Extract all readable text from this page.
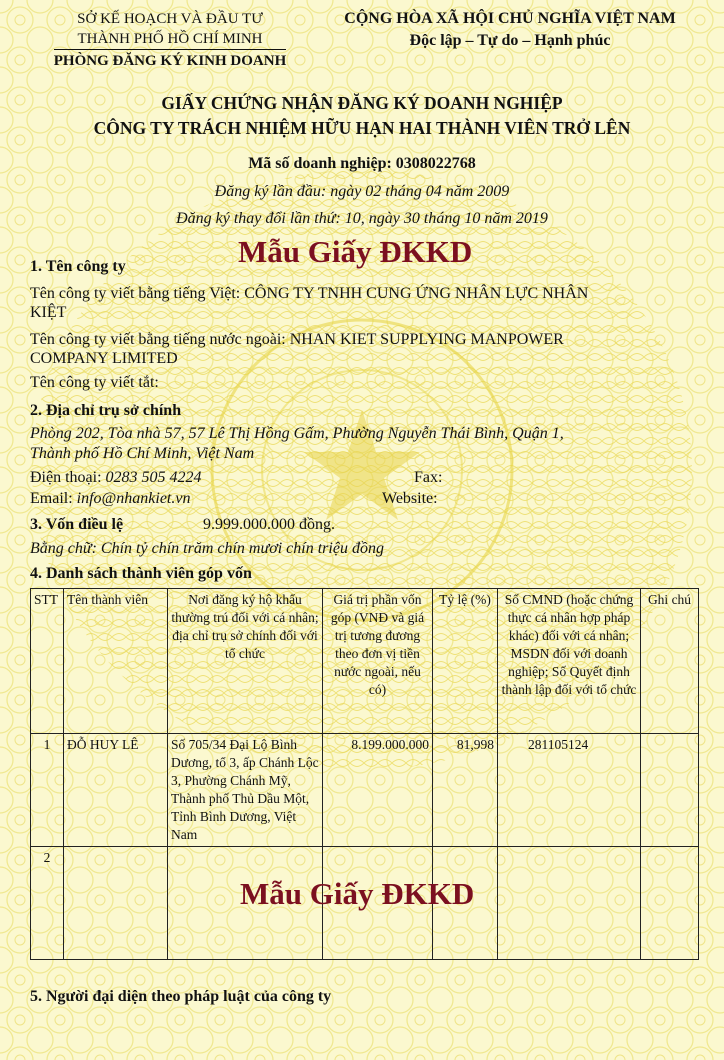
SỞ KẾ HOẠCH VÀ ĐẦU TƯ
THÀNH PHỐ HỒ CHÍ MINH
PHÒNG ĐĂNG KÝ KINH DOANH
CỘNG HÒA XÃ HỘI CHỦ NGHĨA VIỆT NAM
Độc lập – Tự do – Hạnh phúc
GIẤY CHỨNG NHẬN ĐĂNG KÝ DOANH NGHIỆP
CÔNG TY TRÁCH NHIỆM HỮU HẠN HAI THÀNH VIÊN TRỞ LÊN
Mã số doanh nghiệp: 0308022768
Đăng ký lần đầu: ngày 02 tháng 04 năm 2009
Đăng ký thay đổi lần thứ: 10, ngày 30 tháng 10 năm 2019
Mẫu Giấy ĐKKD
1. Tên công ty
Tên công ty viết bằng tiếng Việt: CÔNG TY TNHH CUNG ỨNG NHÂN LỰC NHÂN
KIỆT
Tên công ty viết bằng tiếng nước ngoài: NHAN KIET SUPPLYING MANPOWER
COMPANY LIMITED
Tên công ty viết tắt:
2. Địa chỉ trụ sở chính
Phòng 202, Tòa nhà 57, 57 Lê Thị Hồng Gấm, Phường Nguyễn Thái Bình, Quận 1,
Thành phố Hồ Chí Minh, Việt Nam
Điện thoại: 0283 505 4224	Fax:
Email: info@nhankiet.vn	Website:
3. Vốn điều lệ	9.999.000.000 đồng.
Bằng chữ: Chín tỷ chín trăm chín mươi chín triệu đồng
4. Danh sách thành viên góp vốn
STT	Tên thành viên	Nơi đăng ký hộ khẩu thường trú đối với cá nhân; địa chỉ trụ sở chính đối với tổ chức	Giá trị phần vốn góp (VNĐ và giá trị tương đương theo đơn vị tiền nước ngoài, nếu có)	Tỷ lệ (%)	Số CMND (hoặc chứng thực cá nhân hợp pháp khác) đối với cá nhân; MSDN đối với doanh nghiệp; Số Quyết định thành lập đối với tổ chức	Ghi chú
1	ĐỖ HUY LÊ	Số 705/34 Đại Lộ Bình Dương, tổ 3, ấp Chánh Lộc 3, Phường Chánh Mỹ, Thành phố Thủ Dầu Một, Tỉnh Bình Dương, Việt Nam	8.199.000.000	81,998	281105124	
2						
Mẫu Giấy ĐKKD
5. Người đại diện theo pháp luật của công ty
